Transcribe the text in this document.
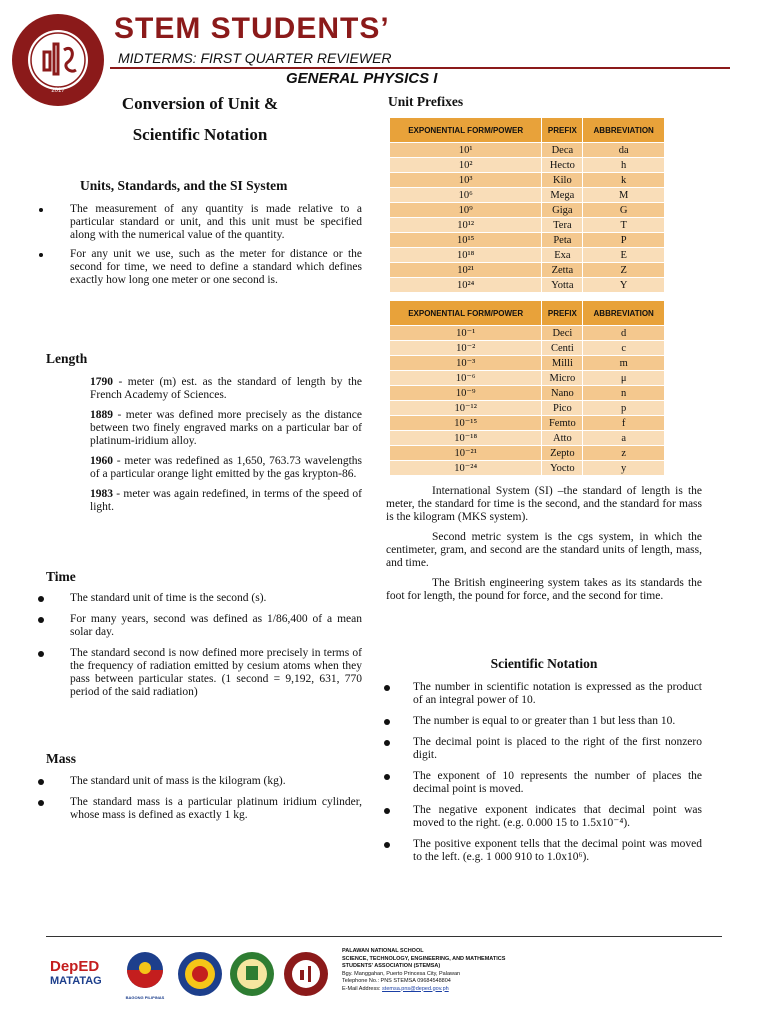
2017
STEM STUDENTS’
MIDTERMS: FIRST QUARTER REVIEWER
GENERAL PHYSICS I
Conversion of Unit &
Scientific Notation
Units, Standards, and the SI System
The measurement of any quantity is made relative to a particular standard or unit, and this unit must be specified along with the numerical value of the quantity.
For any unit we use, such as the meter for distance or the second for time, we need to define a standard which defines exactly how long one meter or one second is.
Length
1790 - meter (m) est. as the standard of length by the French Academy of Sciences.
1889 - meter was defined more precisely as the distance between two finely engraved marks on a particular bar of platinum-iridium alloy.
1960 - meter was redefined as 1,650, 763.73 wavelengths of a particular orange light emitted by the gas krypton-86.
1983 - meter was again redefined, in terms of the speed of light.
Time
The standard unit of time is the second (s).
For many years, second was defined as 1/86,400 of a mean solar day.
The standard second is now defined more precisely in terms of the frequency of radiation emitted by cesium atoms when they pass between particular states. (1 second = 9,192, 631, 770 period of the said radiation)
Mass
The standard unit of mass is the kilogram (kg).
The standard mass is a particular platinum iridium cylinder, whose mass is defined as exactly 1 kg.
Unit Prefixes
EXPONENTIAL FORM/POWER	PREFIX	ABBREVIATION
10¹	Deca	da
10²	Hecto	h
10³	Kilo	k
10⁶	Mega	M
10⁹	Giga	G
10¹²	Tera	T
10¹⁵	Peta	P
10¹⁸	Exa	E
10²¹	Zetta	Z
10²⁴	Yotta	Y
EXPONENTIAL FORM/POWER	PREFIX	ABBREVIATION
10⁻¹	Deci	d
10⁻²	Centi	c
10⁻³	Milli	m
10⁻⁶	Micro	μ
10⁻⁹	Nano	n
10⁻¹²	Pico	p
10⁻¹⁵	Femto	f
10⁻¹⁸	Atto	a
10⁻²¹	Zepto	z
10⁻²⁴	Yocto	y
International System (SI) –the standard of length is the meter, the standard for time is the second, and the standard for mass is the kilogram (MKS system).
Second metric system is the cgs system, in which the centimeter, gram, and second are the standard units of length, mass, and time.
The British engineering system takes as its standards the foot for length, the pound for force, and the second for time.
Scientific Notation
The number in scientific notation is expressed as the product of an integral power of 10.
The number is equal to or greater than 1 but less than 10.
The decimal point is placed to the right of the first nonzero digit.
The exponent of 10 represents the number of places the decimal point is moved.
The negative exponent indicates that decimal point was moved to the right. (e.g. 0.000 15 to 1.5x10⁻⁴).
The positive exponent tells that the decimal point was moved to the left. (e.g. 1 000 910 to 1.0x10⁶).
DepED
MATATAG
BAGONG PILIPINAS
PALAWAN NATIONAL SCHOOL
SCIENCE, TECHNOLOGY, ENGINEERING, AND MATHEMATICS
STUDENTS' ASSOCIATION (STEMSA)
Bgy. Manggahan, Puerto Princesa City, Palawan
Telephone No.: PNS STEMSA 09684548804
E-Mail Address: stemsa.pns@deped.gov.ph
